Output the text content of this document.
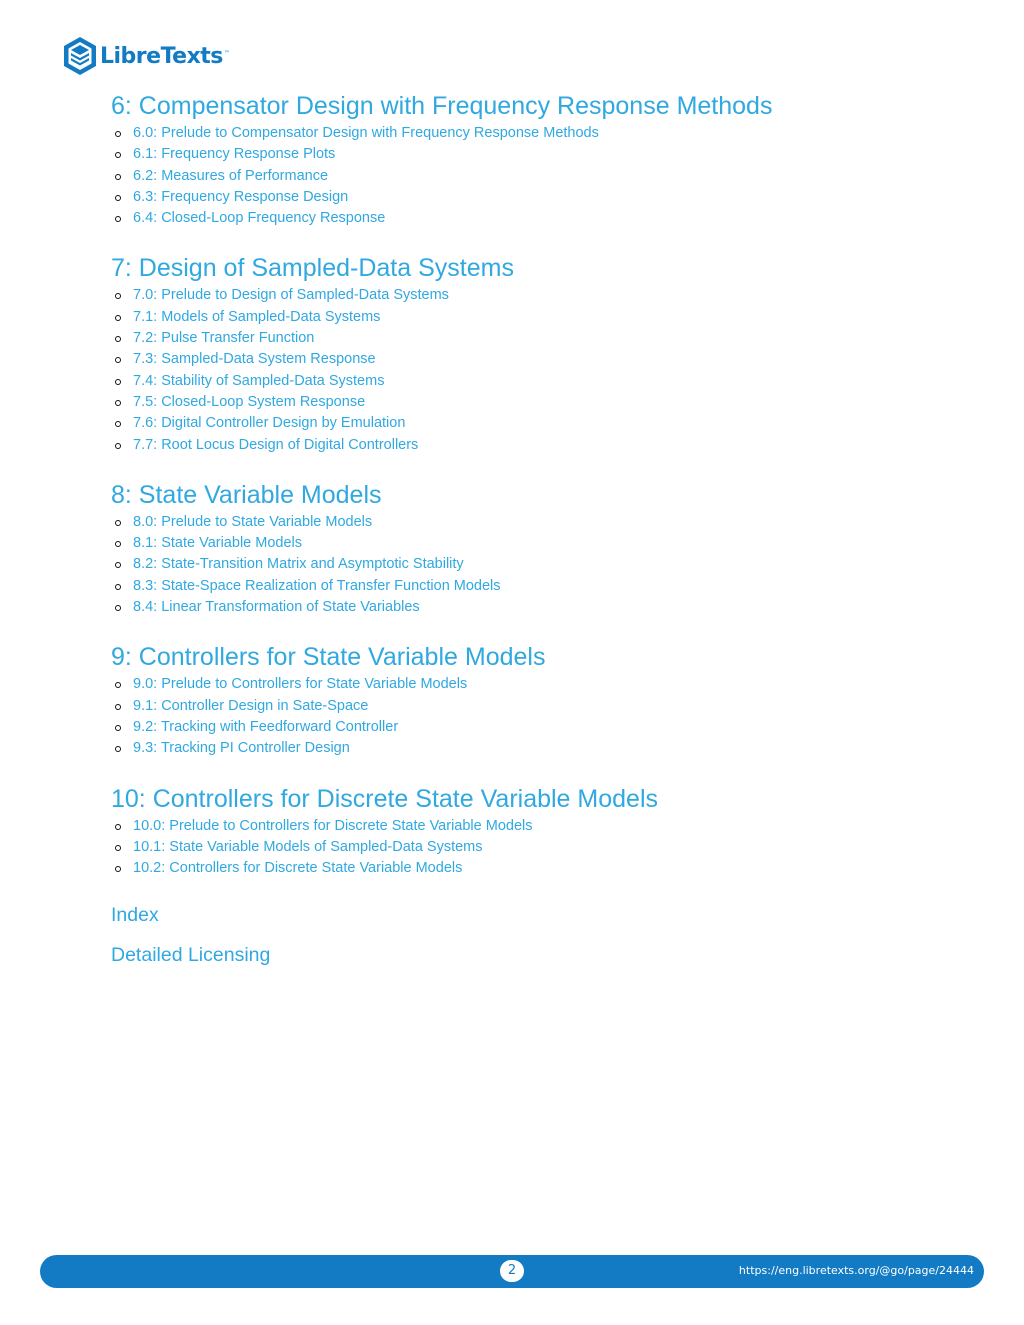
LibreTexts ™
6: Compensator Design with Frequency Response Methods
6.0: Prelude to Compensator Design with Frequency Response Methods
6.1: Frequency Response Plots
6.2: Measures of Performance
6.3: Frequency Response Design
6.4: Closed-Loop Frequency Response
7: Design of Sampled-Data Systems
7.0: Prelude to Design of Sampled-Data Systems
7.1: Models of Sampled-Data Systems
7.2: Pulse Transfer Function
7.3: Sampled-Data System Response
7.4: Stability of Sampled-Data Systems
7.5: Closed-Loop System Response
7.6: Digital Controller Design by Emulation
7.7: Root Locus Design of Digital Controllers
8: State Variable Models
8.0: Prelude to State Variable Models
8.1: State Variable Models
8.2: State-Transition Matrix and Asymptotic Stability
8.3: State-Space Realization of Transfer Function Models
8.4: Linear Transformation of State Variables
9: Controllers for State Variable Models
9.0: Prelude to Controllers for State Variable Models
9.1: Controller Design in Sate-Space
9.2: Tracking with Feedforward Controller
9.3: Tracking PI Controller Design
10: Controllers for Discrete State Variable Models
10.0: Prelude to Controllers for Discrete State Variable Models
10.1: State Variable Models of Sampled-Data Systems
10.2: Controllers for Discrete State Variable Models
Index
Detailed Licensing
2	https://eng.libretexts.org/@go/page/24444
